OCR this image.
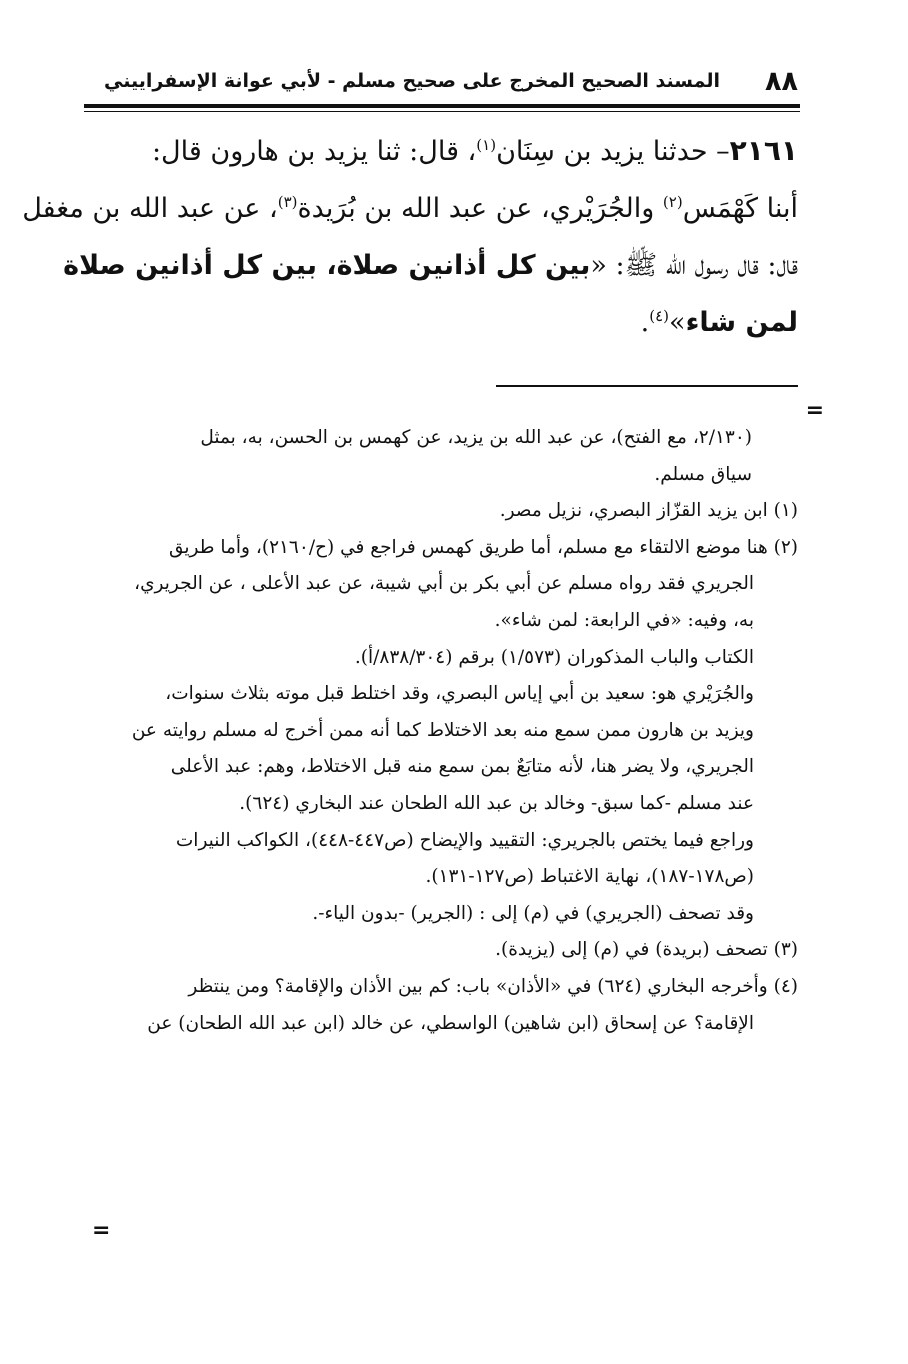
٨٨
المسند الصحيح المخرج على صحيح مسلم - لأبي عوانة الإسفراييني
٢١٦١– حدثنا يزيد بن سِنَان$^{(١)}$، قال: ثنا يزيد بن هارون قال:
أبنا كَهْمَس$^{(٢)}$ والجُرَيْري، عن عبد الله بن بُرَيدة$^{(٣)}$، عن عبد الله بن مغفل
قال: قال رسول الله ﷺ: «بين كل أذانين صلاة، بين كل أذانين صلاة
لمن شاء»$^{(٤)}$.
=
(٢/١٣٠، مع الفتح)، عن عبد الله بن يزيد، عن كهمس بن الحسن، به، بمثل
سياق مسلم.
(١) ابن يزيد القزّاز البصري، نزيل مصر.
(٢) هنا موضع الالتقاء مع مسلم، أما طريق كهمس فراجع في (ح/٢١٦٠)، وأما طريق
الجريري فقد رواه مسلم عن أبي بكر بن أبي شيبة، عن عبد الأعلى ، عن الجريري،
به، وفيه: «في الرابعة: لمن شاء».
الكتاب والباب المذكوران (١/٥٧٣) برقم (٨٣٨/٣٠٤/أ).
والجُرَيْري هو: سعيد بن أبي إياس البصري، وقد اختلط قبل موته بثلاث سنوات،
ويزيد بن هارون ممن سمع منه بعد الاختلاط كما أنه ممن أخرج له مسلم روايته عن
الجريري، ولا يضر هنا، لأنه متابَعٌ بمن سمع منه قبل الاختلاط، وهم: عبد الأعلى
عند مسلم -كما سبق- وخالد بن عبد الله الطحان عند البخاري (٦٢٤).
وراجع فيما يختص بالجريري: التقييد والإيضاح (ص٤٤٧-٤٤٨)، الكواكب النيرات
(ص١٧٨-١٨٧)، نهاية الاغتباط (ص١٢٧-١٣١).
وقد تصحف (الجريري) في (م) إلى : (الجرير) -بدون الياء-.
(٣) تصحف (بريدة) في (م) إلى (يزيدة).
(٤) وأخرجه البخاري (٦٢٤) في «الأذان» باب: كم بين الأذان والإقامة؟ ومن ينتظر
الإقامة؟ عن إسحاق (ابن شاهين) الواسطي، عن خالد (ابن عبد الله الطحان) عن
=
